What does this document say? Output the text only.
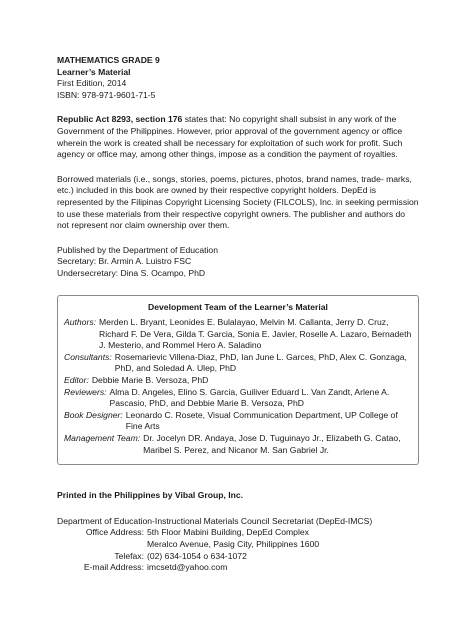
MATHEMATICS GRADE 9
Learner’s Material
First Edition, 2014
ISBN: 978-971-9601-71-5

Republic Act 8293, section 176 states that: No copyright shall subsist in any work of the Government of the Philippines. However, prior approval of the government agency or office wherein the work is created shall be necessary for exploitation of such work for profit. Such agency or office may, among other things, impose as a condition the payment of royalties.

Borrowed materials (i.e., songs, stories, poems, pictures, photos, brand names, trade- marks, etc.) included in this book are owned by their respective copyright holders. DepEd is represented by the Filipinas Copyright Licensing Society (FILCOLS), Inc. in seeking permission to use these materials from their respective copyright owners. The publisher and authors do not represent nor claim ownership over them.

Published by the Department of Education
Secretary: Br. Armin A. Luistro FSC
Undersecretary: Dina S. Ocampo, PhD
Development Team of the Learner’s Material
Authors: Merden L. Bryant, Leonides E. Bulalayao, Melvin M. Callanta, Jerry D. Cruz, Richard F. De Vera, Gilda T. Garcia, Sonia E. Javier, Roselle A. Lazaro, Bernadeth J. Mesterio, and Rommel Hero A. Saladino
Consultants: Rosemarievic Villena-Diaz, PhD, Ian June L. Garces, PhD, Alex C. Gonzaga, PhD, and Soledad A. Ulep, PhD
Editor: Debbie Marie B. Versoza, PhD
Reviewers: Alma D. Angeles, Elino S. Garcia, Guiliver Eduard L. Van Zandt, Arlene A. Pascasio, PhD, and Debbie Marie B. Versoza, PhD
Book Designer: Leonardo C. Rosete, Visual Communication Department, UP College of Fine Arts
Management Team: Dr. Jocelyn DR. Andaya, Jose D. Tuguinayo Jr., Elizabeth G. Catao, Maribel S. Perez, and Nicanor M. San Gabriel Jr.
Printed in the Philippines by Vibal Group, Inc.
Department of Education-Instructional Materials Council Secretariat (DepEd-IMCS)
Office Address: 5th Floor Mabini Building, DepEd Complex
Meralco Avenue, Pasig City, Philippines 1600
Telefax: (02) 634-1054 o 634-1072
E-mail Address: imcsetd@yahoo.com
